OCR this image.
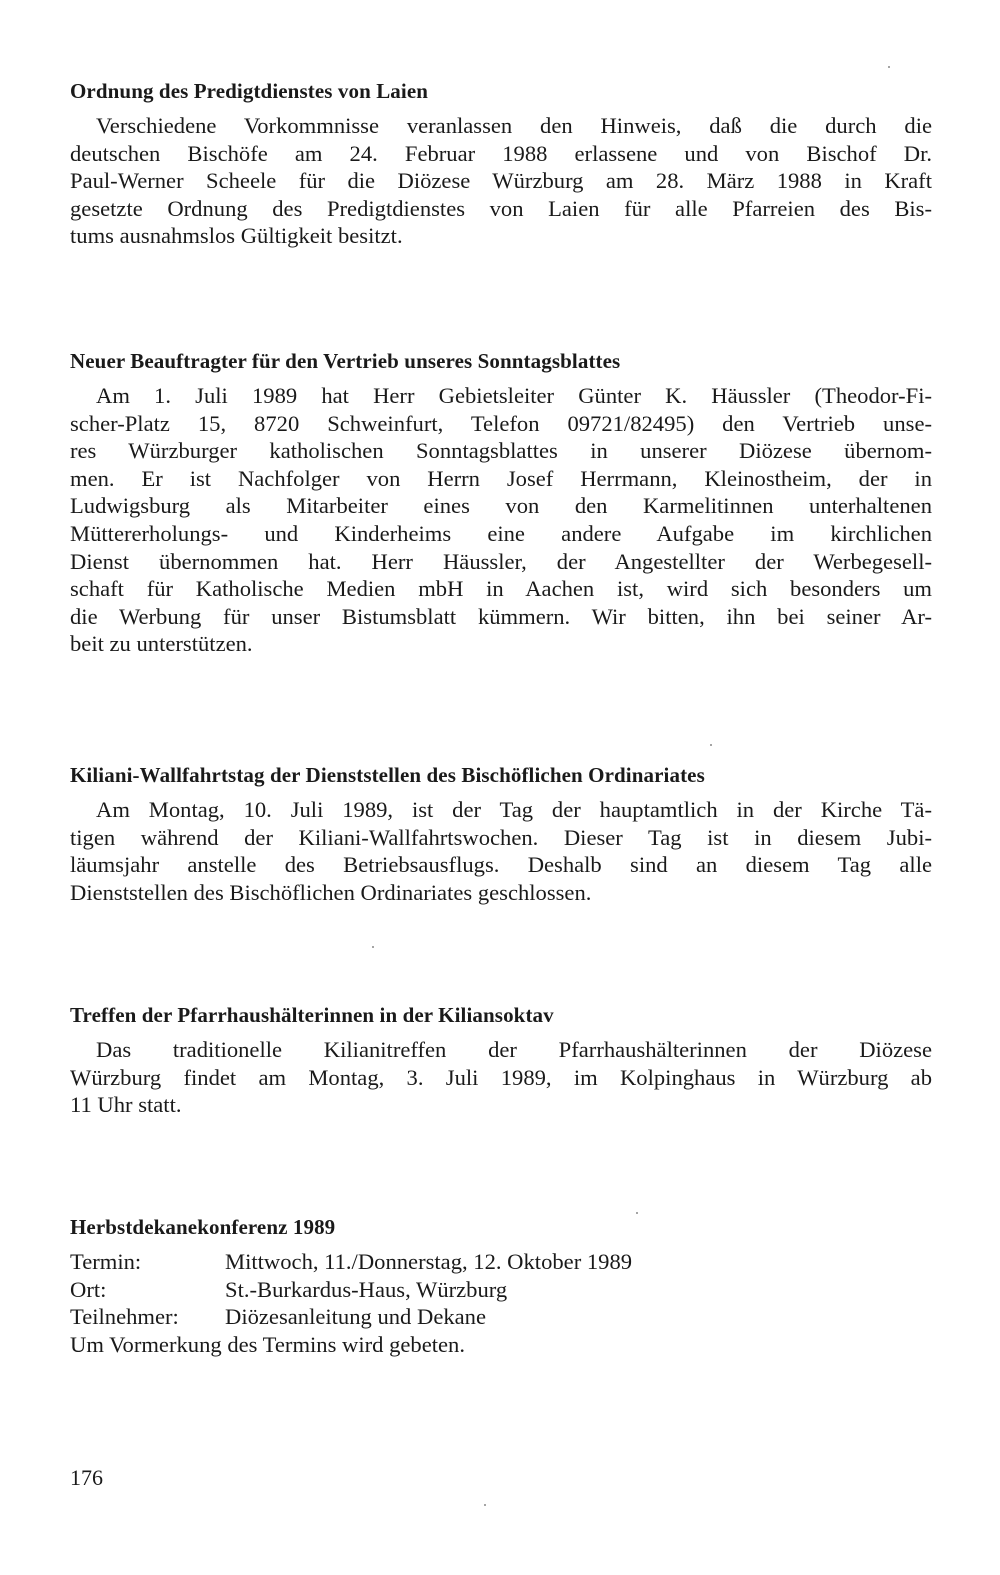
Ordnung des Predigtdienstes von Laien
Verschiedene Vorkommnisse veranlassen den Hinweis, daß die durch die
deutschen Bischöfe am 24. Februar 1988 erlassene und von Bischof Dr.
Paul-Werner Scheele für die Diözese Würzburg am 28. März 1988 in Kraft
gesetzte Ordnung des Predigtdienstes von Laien für alle Pfarreien des Bis-
tums ausnahmslos Gültigkeit besitzt.
Neuer Beauftragter für den Vertrieb unseres Sonntagsblattes
Am 1. Juli 1989 hat Herr Gebietsleiter Günter K. Häussler (Theodor-Fi-
scher-Platz 15, 8720 Schweinfurt, Telefon 09721/82495) den Vertrieb unse-
res Würzburger katholischen Sonntagsblattes in unserer Diözese übernom-
men. Er ist Nachfolger von Herrn Josef Herrmann, Kleinostheim, der in
Ludwigsburg als Mitarbeiter eines von den Karmelitinnen unterhaltenen
Müttererholungs- und Kinderheims eine andere Aufgabe im kirchlichen
Dienst übernommen hat. Herr Häussler, der Angestellter der Werbegesell-
schaft für Katholische Medien mbH in Aachen ist, wird sich besonders um
die Werbung für unser Bistumsblatt kümmern. Wir bitten, ihn bei seiner Ar-
beit zu unterstützen.
Kiliani-Wallfahrtstag der Dienststellen des Bischöflichen Ordinariates
Am Montag, 10. Juli 1989, ist der Tag der hauptamtlich in der Kirche Tä-
tigen während der Kiliani-Wallfahrtswochen. Dieser Tag ist in diesem Jubi-
läumsjahr anstelle des Betriebsausflugs. Deshalb sind an diesem Tag alle
Dienststellen des Bischöflichen Ordinariates geschlossen.
Treffen der Pfarrhaushälterinnen in der Kiliansoktav
Das traditionelle Kilianitreffen der Pfarrhaushälterinnen der Diözese
Würzburg findet am Montag, 3. Juli 1989, im Kolpinghaus in Würzburg ab
11 Uhr statt.
Herbstdekanekonferenz 1989
Termin:	Mittwoch, 11./Donnerstag, 12. Oktober 1989
Ort:	St.-Burkardus-Haus, Würzburg
Teilnehmer:	Diözesanleitung und Dekane
Um Vormerkung des Termins wird gebeten.
176
